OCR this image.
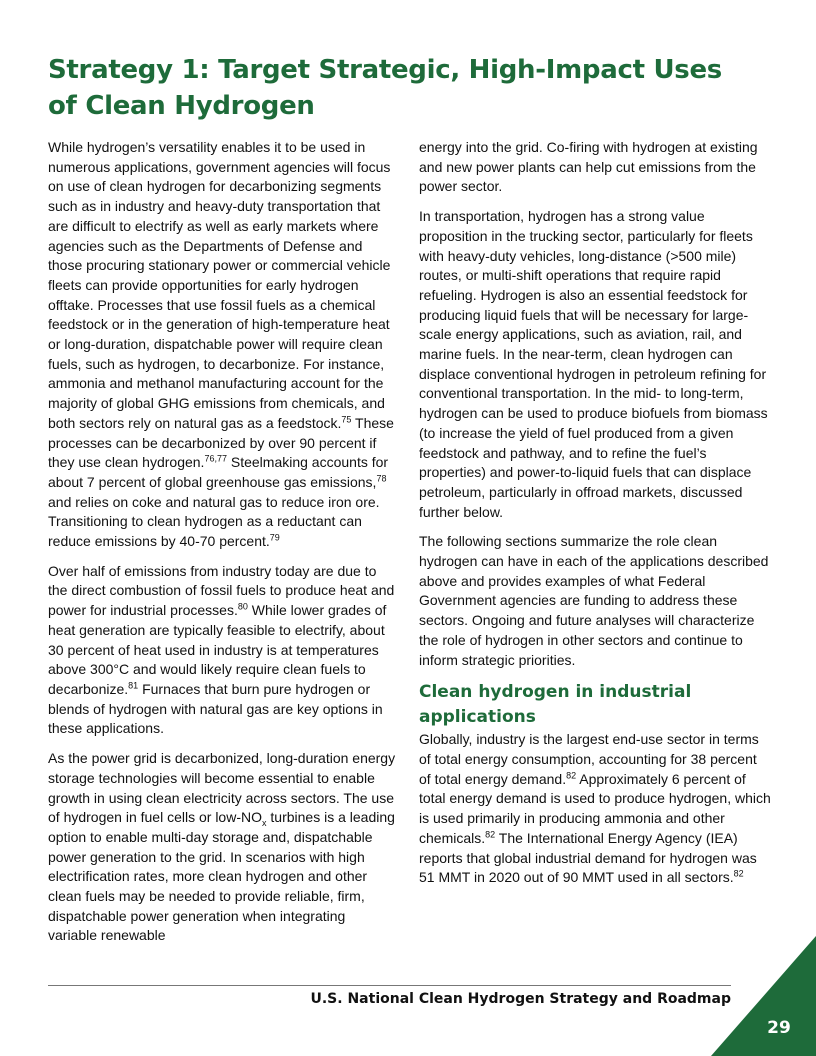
Strategy 1: Target Strategic, High-Impact Uses of Clean Hydrogen

While hydrogen’s versatility enables it to be used in numerous applications, government agencies will focus on use of clean hydrogen for decarbonizing segments such as in industry and heavy-duty transportation that are difficult to electrify as well as early markets where agencies such as the Departments of Defense and those procuring stationary power or commercial vehicle fleets can provide opportunities for early hydrogen offtake. Processes that use fossil fuels as a chemical feedstock or in the generation of high-temperature heat or long-duration, dispatchable power will require clean fuels, such as hydrogen, to decarbonize. For instance, ammonia and methanol manufacturing account for the majority of global GHG emissions from chemicals, and both sectors rely on natural gas as a feedstock.$^{75}$ These processes can be decarbonized by over 90 percent if they use clean hydrogen.$^{76,77}$ Steelmaking accounts for about 7 percent of global greenhouse gas emissions,$^{78}$ and relies on coke and natural gas to reduce iron ore. Transitioning to clean hydrogen as a reductant can reduce emissions by 40-70 percent.$^{79}$

Over half of emissions from industry today are due to the direct combustion of fossil fuels to produce heat and power for industrial processes.$^{80}$ While lower grades of heat generation are typically feasible to electrify, about 30 percent of heat used in industry is at temperatures above 300°C and would likely require clean fuels to decarbonize.$^{81}$ Furnaces that burn pure hydrogen or blends of hydrogen with natural gas are key options in these applications.

As the power grid is decarbonized, long-duration energy storage technologies will become essential to enable growth in using clean electricity across sectors. The use of hydrogen in fuel cells or low-$NO_x$ turbines is a leading option to enable multi-day storage and, dispatchable power generation to the grid. In scenarios with high electrification rates, more clean hydrogen and other clean fuels may be needed to provide reliable, firm, dispatchable power generation when integrating variable renewable

energy into the grid. Co-firing with hydrogen at existing and new power plants can help cut emissions from the power sector.

In transportation, hydrogen has a strong value proposition in the trucking sector, particularly for fleets with heavy-duty vehicles, long-distance (>500 mile) routes, or multi-shift operations that require rapid refueling. Hydrogen is also an essential feedstock for producing liquid fuels that will be necessary for large-scale energy applications, such as aviation, rail, and marine fuels. In the near-term, clean hydrogen can displace conventional hydrogen in petroleum refining for conventional transportation. In the mid- to long-term, hydrogen can be used to produce biofuels from biomass (to increase the yield of fuel produced from a given feedstock and pathway, and to refine the fuel’s properties) and power-to-liquid fuels that can displace petroleum, particularly in offroad markets, discussed further below.

The following sections summarize the role clean hydrogen can have in each of the applications described above and provides examples of what Federal Government agencies are funding to address these sectors. Ongoing and future analyses will characterize the role of hydrogen in other sectors and continue to inform strategic priorities.

Clean hydrogen in industrial applications

Globally, industry is the largest end-use sector in terms of total energy consumption, accounting for 38 percent of total energy demand.$^{82}$ Approximately 6 percent of total energy demand is used to produce hydrogen, which is used primarily in producing ammonia and other chemicals.$^{82}$ The International Energy Agency (IEA) reports that global industrial demand for hydrogen was 51 MMT in 2020 out of 90 MMT used in all sectors.$^{82}$

U.S. National Clean Hydrogen Strategy and Roadmap
29
